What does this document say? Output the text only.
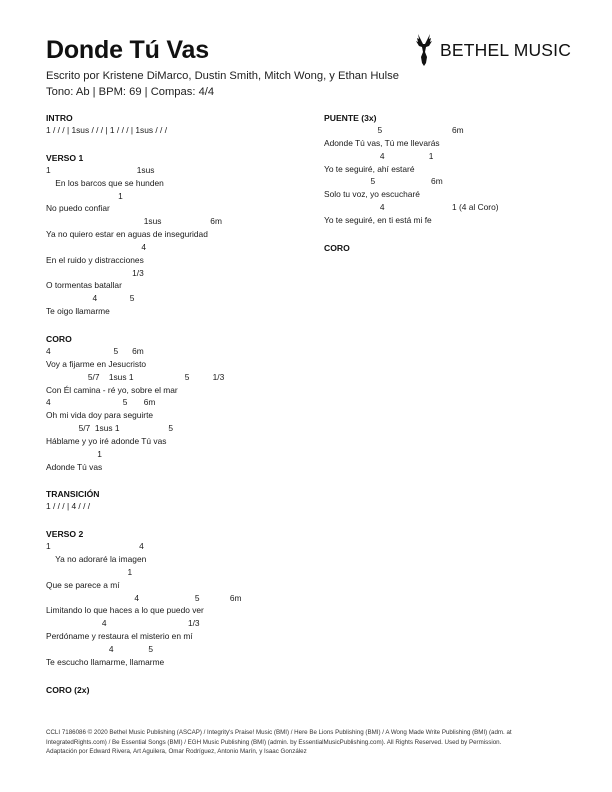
Donde Tú Vas
Escrito por Kristene DiMarco, Dustin Smith, Mitch Wong, y Ethan Hulse
Tono: Ab | BPM: 69 | Compas: 4/4
BETHEL MUSIC
INTRO
1 / / / | 1sus / / / | 1 / / / | 1sus / / /
VERSO 1
1                                     1sus
En los barcos que se hunden
1
No puedo confiar
1sus                     6m
Ya no quiero estar en aguas de inseguridad
4
En el ruido y distracciones
1/3
O tormentas batallar
4              5
Te oigo llamarme
CORO
4                           5      6m
Voy a fijarme en Jesucristo
5/7    1sus 1                      5          1/3
Con Él camina - ré yo, sobre el mar
4                               5       6m
Oh mi vida doy para seguirte
5/7  1sus 1                     5
Háblame y yo iré adonde Tú vas
1
Adonde Tú vas
TRANSICIÓN
1 / / / | 4 / / /
VERSO 2
1                                      4
Ya no adoraré la imagen
1
Que se parece a mí
4                        5             6m
Limitando lo que haces a lo que puedo ver
4                                   1/3
Perdóname y restaura el misterio en mí
4               5
Te escucho llamarme, llamarme
CORO (2x)
PUENTE (3x)
5                              6m
Adonde Tú vas, Tú me llevarás
4                   1
Yo te seguiré, ahí estaré
5                        6m
Solo tu voz, yo escucharé
4                             1 (4 al Coro)
Yo te seguiré, en ti está mi fe
CORO
CCLI 7186086 © 2020 Bethel Music Publishing (ASCAP) / Integrity's Praise! Music (BMI) / Here Be Lions Publishing (BMI) / A Wong Made Write Publishing (BMI) (adm. at
IntegratedRights.com) / Be Essential Songs (BMI) / EGH Music Publishing (BMI) (admin. by EssentialMusicPublishing.com). All Rights Reserved. Used by Permission.
Adaptación por Edward Rivera, Art Aguilera, Omar Rodríguez, Antonio Marín, y Isaac González
